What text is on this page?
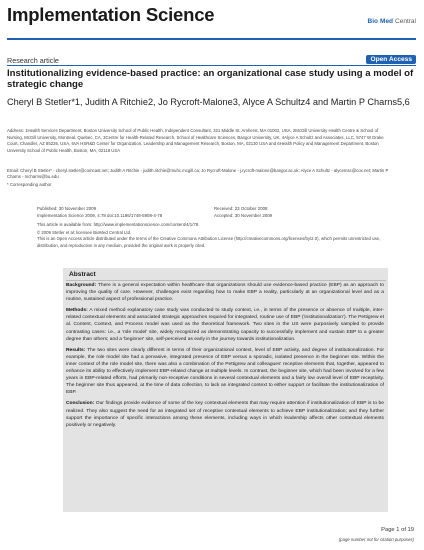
Implementation Science	Bio Med Central
Research article	Open Access
Institutionalizing evidence-based practice: an organizational case study using a model of strategic change
Cheryl B Stetler*1, Judith A Ritchie2, Jo Rycroft-Malone3, Alyce A Schultz4 and Martin P Charns5,6
Address: 1Health Services Department, Boston University School of Public Health, Independent Consultant, 321 Middle St, Amherst, MA 01002, USA, 2McGill University Health Centre & School of Nursing, McGill University, Montreal, Quebec, CA, 3Centre for Health-Related Research, School of Healthcare Sciences, Bangor University, UK, 4Alyce A Schultz and Associates, LLC, 5747 W Drake Court, Chandler, AZ 85226, USA, 5VA HSR&D Center for Organization, Leadership and Management Research, Boston, MA, 02130 USA and 6Health Policy and Management Department, Boston University School of Public Health, Boston, MA, 02118 USA
Email: Cheryl B Stetler* - cheryl.stetler@comcast.net; Judith A Ritchie - judith.ritchie@muhc.mcgill.ca; Jo Rycroft-Malone - j.rycroft-malone@bangor.ac.uk; Alyce A Schultz - alycemsc@cox.net; Martin P Charns - mcharns@bu.edu
* Corresponding author
Published: 30 November 2009
Implementation Science 2009, 4:78 doi:10.1186/1748-5908-4-78
Received: 23 October 2008
Accepted: 30 November 2009
This article is available from: http://www.implementationscience.com/content/4/1/78
© 2009 Stetler et al; licensee BioMed Central Ltd.
This is an Open Access article distributed under the terms of the Creative Commons Attribution License (http://creativecommons.org/licenses/by/2.0), which permits unrestricted use, distribution, and reproduction in any medium, provided the original work is properly cited.
Abstract

Background: There is a general expectation within healthcare that organizations should use evidence-based practice (EBP) as an approach to improving the quality of care. However, challenges exist regarding how to make EBP a reality, particularly at an organizational level and as a routine, sustained aspect of professional practice.

Methods: A mixed method explanatory case study was conducted to study context, i.e., in terms of the presence or absence of multiple, inter-related contextual elements and associated strategic approaches required for integrated, routine use of EBP ('institutionalization'). The Pettigrew et al. Content, Context, and Process model was used as the theoretical framework. Two sites in the US were purposively sampled to provide contrasting cases: i.e., a 'role model' site, widely recognized as demonstrating capacity to successfully implement and sustain EBP to a greater degree than others; and a 'beginner' site, self-perceived as early in the journey towards institutionalization.

Results: The two sites were clearly different in terms of their organizational context, level of EBP activity, and degree of institutionalization. For example, the role model site had a pervasive, integrated presence of EBP versus a sporadic, isolated presence in the beginner site. Within the inner context of the role model site, there was also a combination of the Pettigrew and colleagues' receptive elements that, together, appeared to enhance its ability to effectively implement EBP-related change at multiple levels. In contrast, the beginner site, which had been involved for a few years in EBP-related efforts, had primarily non-receptive conditions in several contextual elements and a fairly low overall level of EBP receptivity. The beginner site thus appeared, at the time of data collection, to lack an integrated context to either support or facilitate the institutionalization of EBP.

Conclusion: Our findings provide evidence of some of the key contextual elements that may require attention if institutionalization of EBP is to be realized. They also suggest the need for an integrated set of receptive contextual elements to achieve EBP institutionalization; and they further support the importance of specific interactions among these elements, including ways in which leadership affects other contextual elements positively or negatively.

Page 1 of 19
(page number not for citation purposes)
